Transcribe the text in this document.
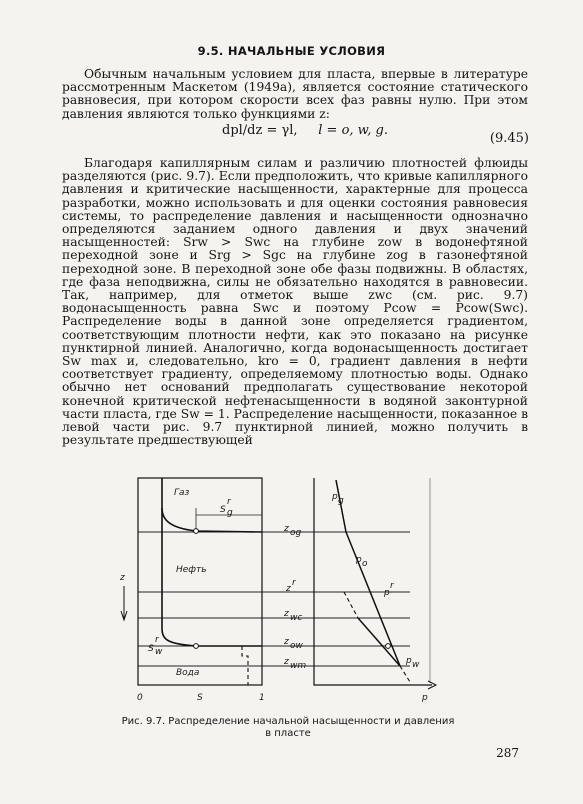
9.5. НАЧАЛЬНЫЕ УСЛОВИЯ

Обычным начальным условием для пласта, впервые в литературе рассмотренным Маскетом (1949a), является состояние статического равновесия, при котором скорости всех фаз равны нулю. При этом давления являются только функциями z:

dpl/dz = γl, l = o, w, g.
(9.45)

Благодаря капиллярным силам и различию плотностей флюиды разделяются (рис. 9.7). Если предположить, что кривые капиллярного давления и критические насыщенности, характерные для процесса разработки, можно использовать и для оценки состояния равновесия системы, то распределение давления и насыщенности однозначно определяются заданием одного давления и двух значений насыщенностей: Srw > Swc на глубине zow в водонефтяной переходной зоне и Srg > Sgc на глубине zog в газонефтяной переходной зоне. В переходной зоне обе фазы подвижны. В областях, где фаза неподвижна, силы не обязательно находятся в равновесии. Так, например, для отметок выше zwc (см. рис. 9.7) водонасыщенность равна Swc и поэтому Pcow = Pcow(Swc). Распределение воды в данной зоне определяется градиентом, соответствующим плотности нефти, как это показано на рисунке пунктирной линией. Аналогично, когда водонасыщенность достигает Sw max и, следовательно, kro = 0, градиент давления в нефти соответствует градиенту, определяемому плотностью воды. Однако обычно нет оснований предполагать существование некоторой конечной критической нефтенасыщенности в водяной законтурной части пласта, где Sw = 1. Распределение насыщенности, показанное в левой части рис. 9.7 пунктирной линией, можно получить в результате предшествующей

z
Газ
Нефть
Вода
S g
r
S w
r
0	S	1
z og
z
r
z wc
z ow
z wm
p g
p o
p
r
p w
p
Рис. 9.7. Распределение начальной насыщенности и давления в пласте
287
